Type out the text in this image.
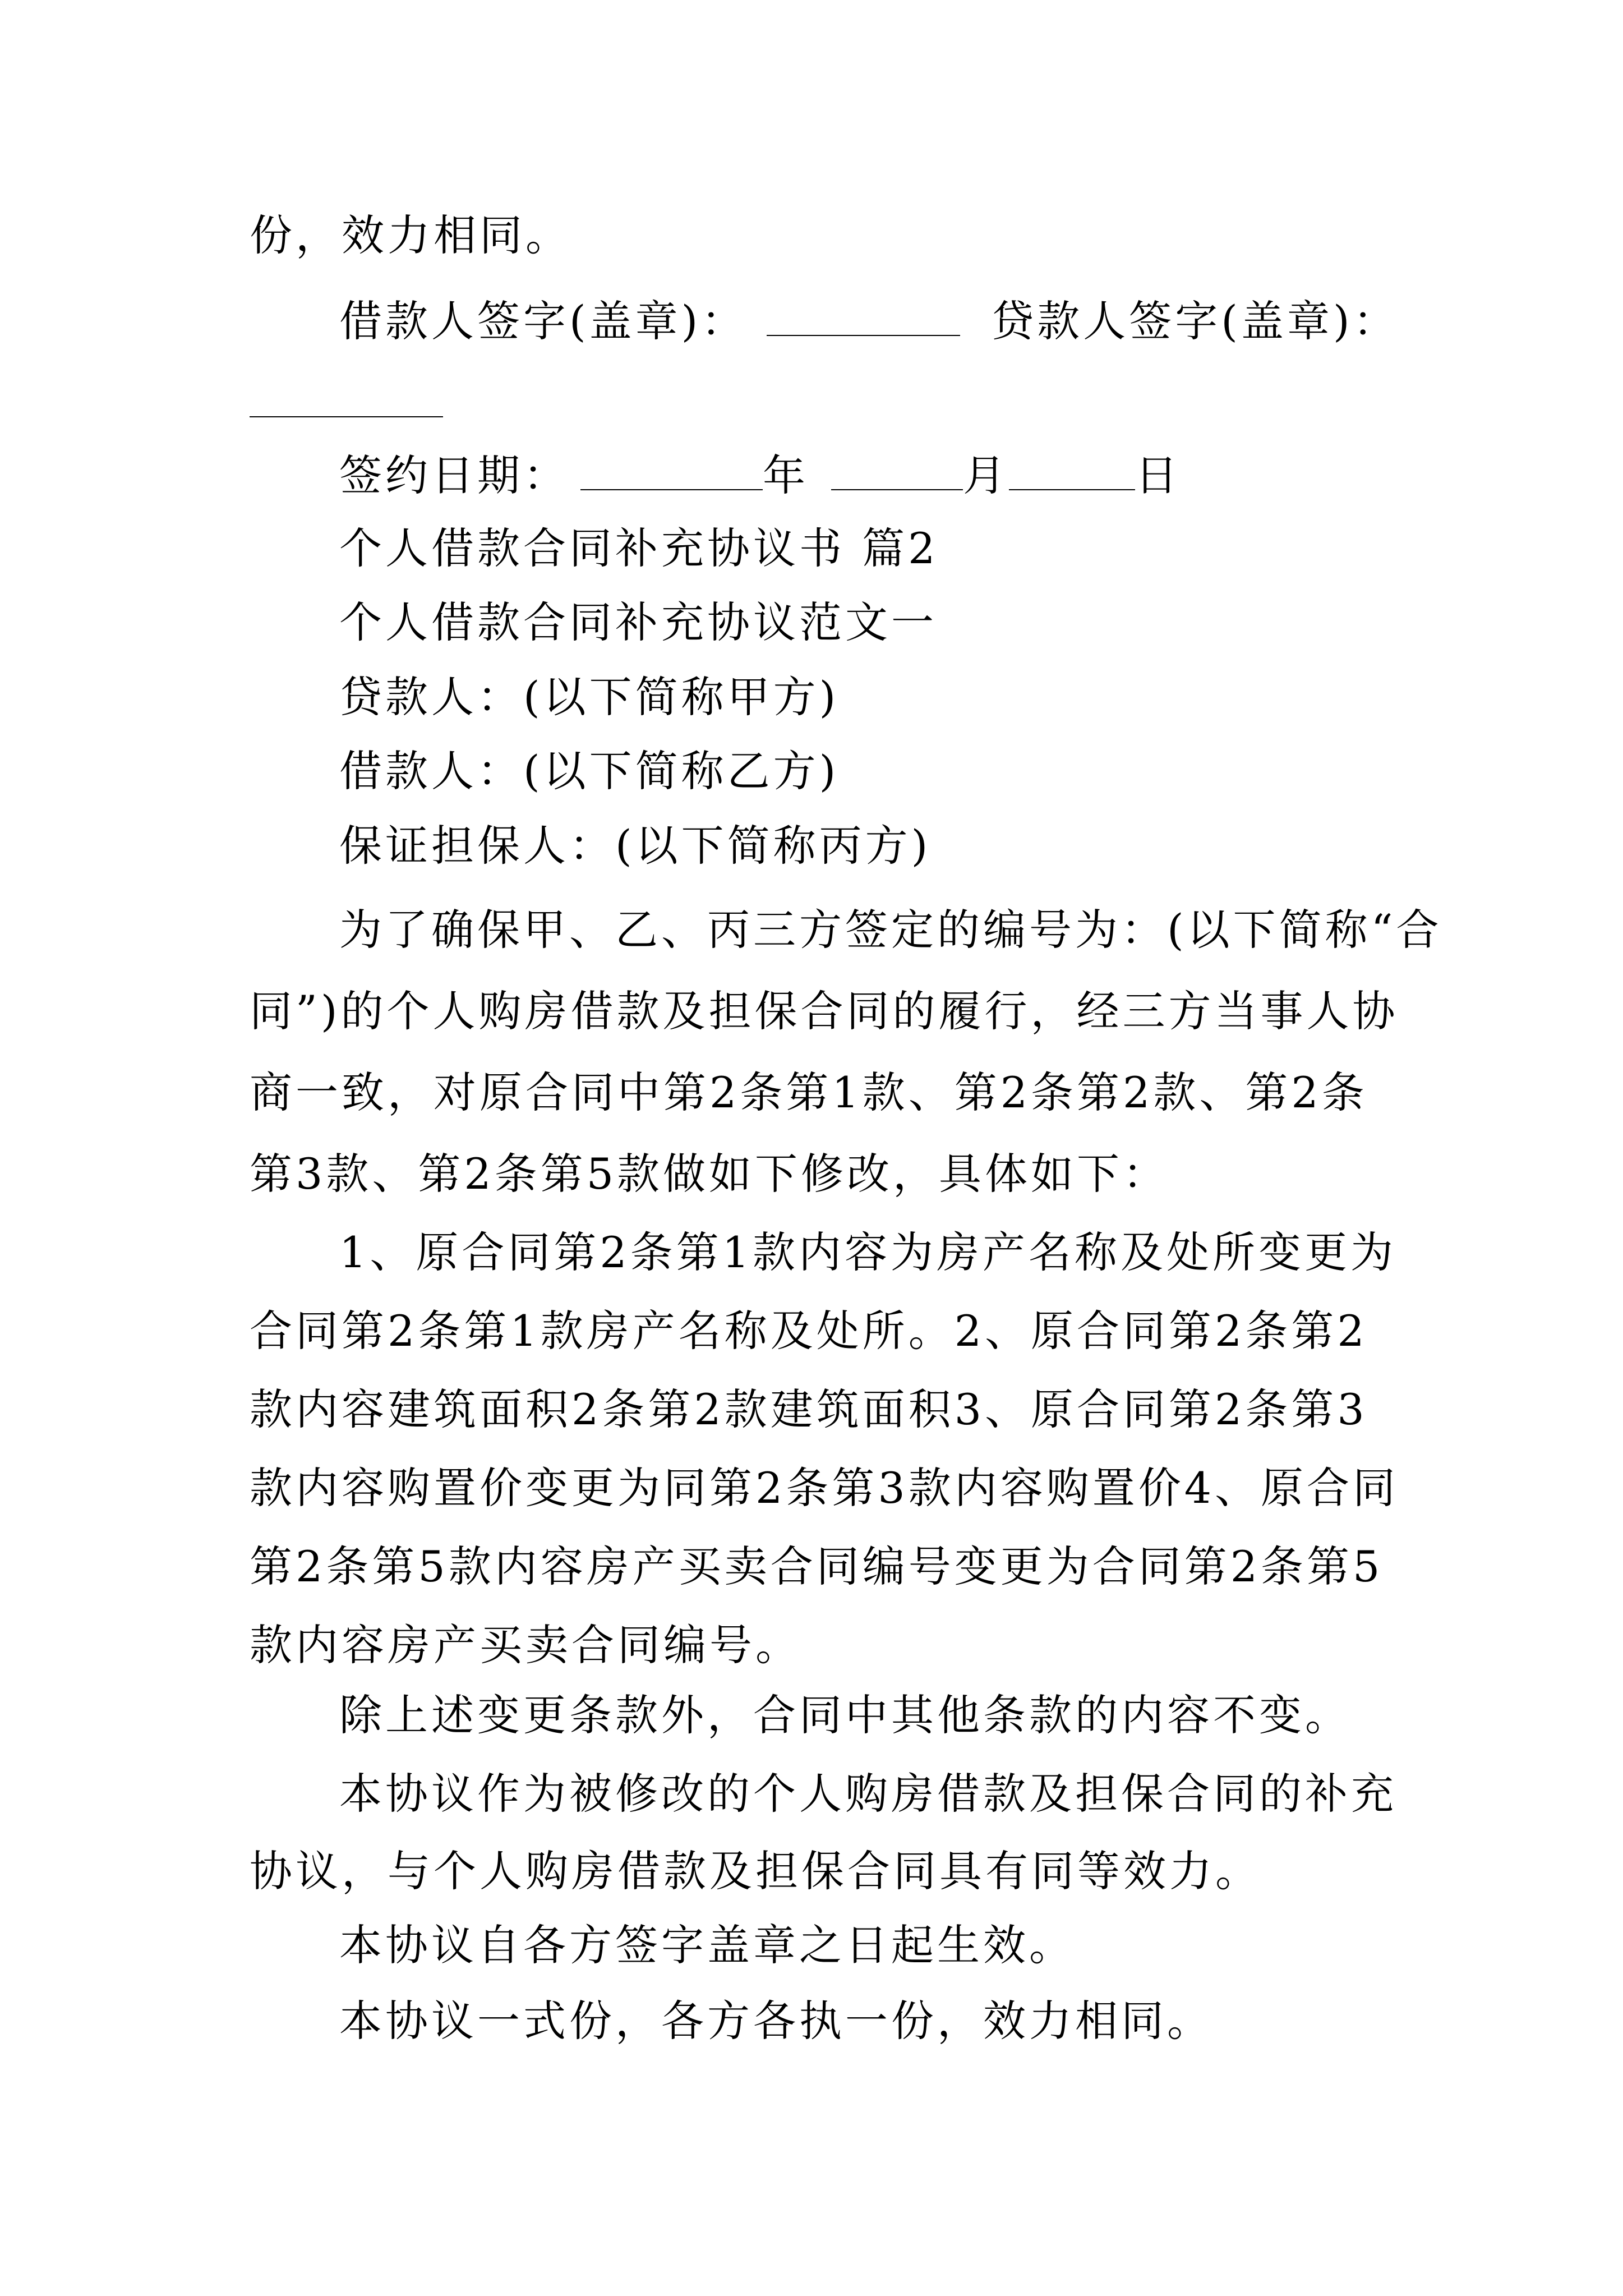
份，效力相同。
借款人签字(盖章)：	贷款人签字(盖章)：
签约日期：	年	月	日
个人借款合同补充协议书 篇2
个人借款合同补充协议范文一
贷款人：(以下简称甲方)
借款人：(以下简称乙方)
保证担保人：(以下简称丙方)
为了确保甲、乙、丙三方签定的编号为：(以下简称“合
同”)的个人购房借款及担保合同的履行，经三方当事人协
商一致，对原合同中第2条第1款、第2条第2款、第2条
第3款、第2条第5款做如下修改，具体如下：
1、原合同第2条第1款内容为房产名称及处所变更为
合同第2条第1款房产名称及处所。2、原合同第2条第2
款内容建筑面积2条第2款建筑面积3、原合同第2条第3
款内容购置价变更为同第2条第3款内容购置价4、原合同
第2条第5款内容房产买卖合同编号变更为合同第2条第5
款内容房产买卖合同编号。
除上述变更条款外，合同中其他条款的内容不变。
本协议作为被修改的个人购房借款及担保合同的补充
协议，与个人购房借款及担保合同具有同等效力。
本协议自各方签字盖章之日起生效。
本协议一式份，各方各执一份，效力相同。
